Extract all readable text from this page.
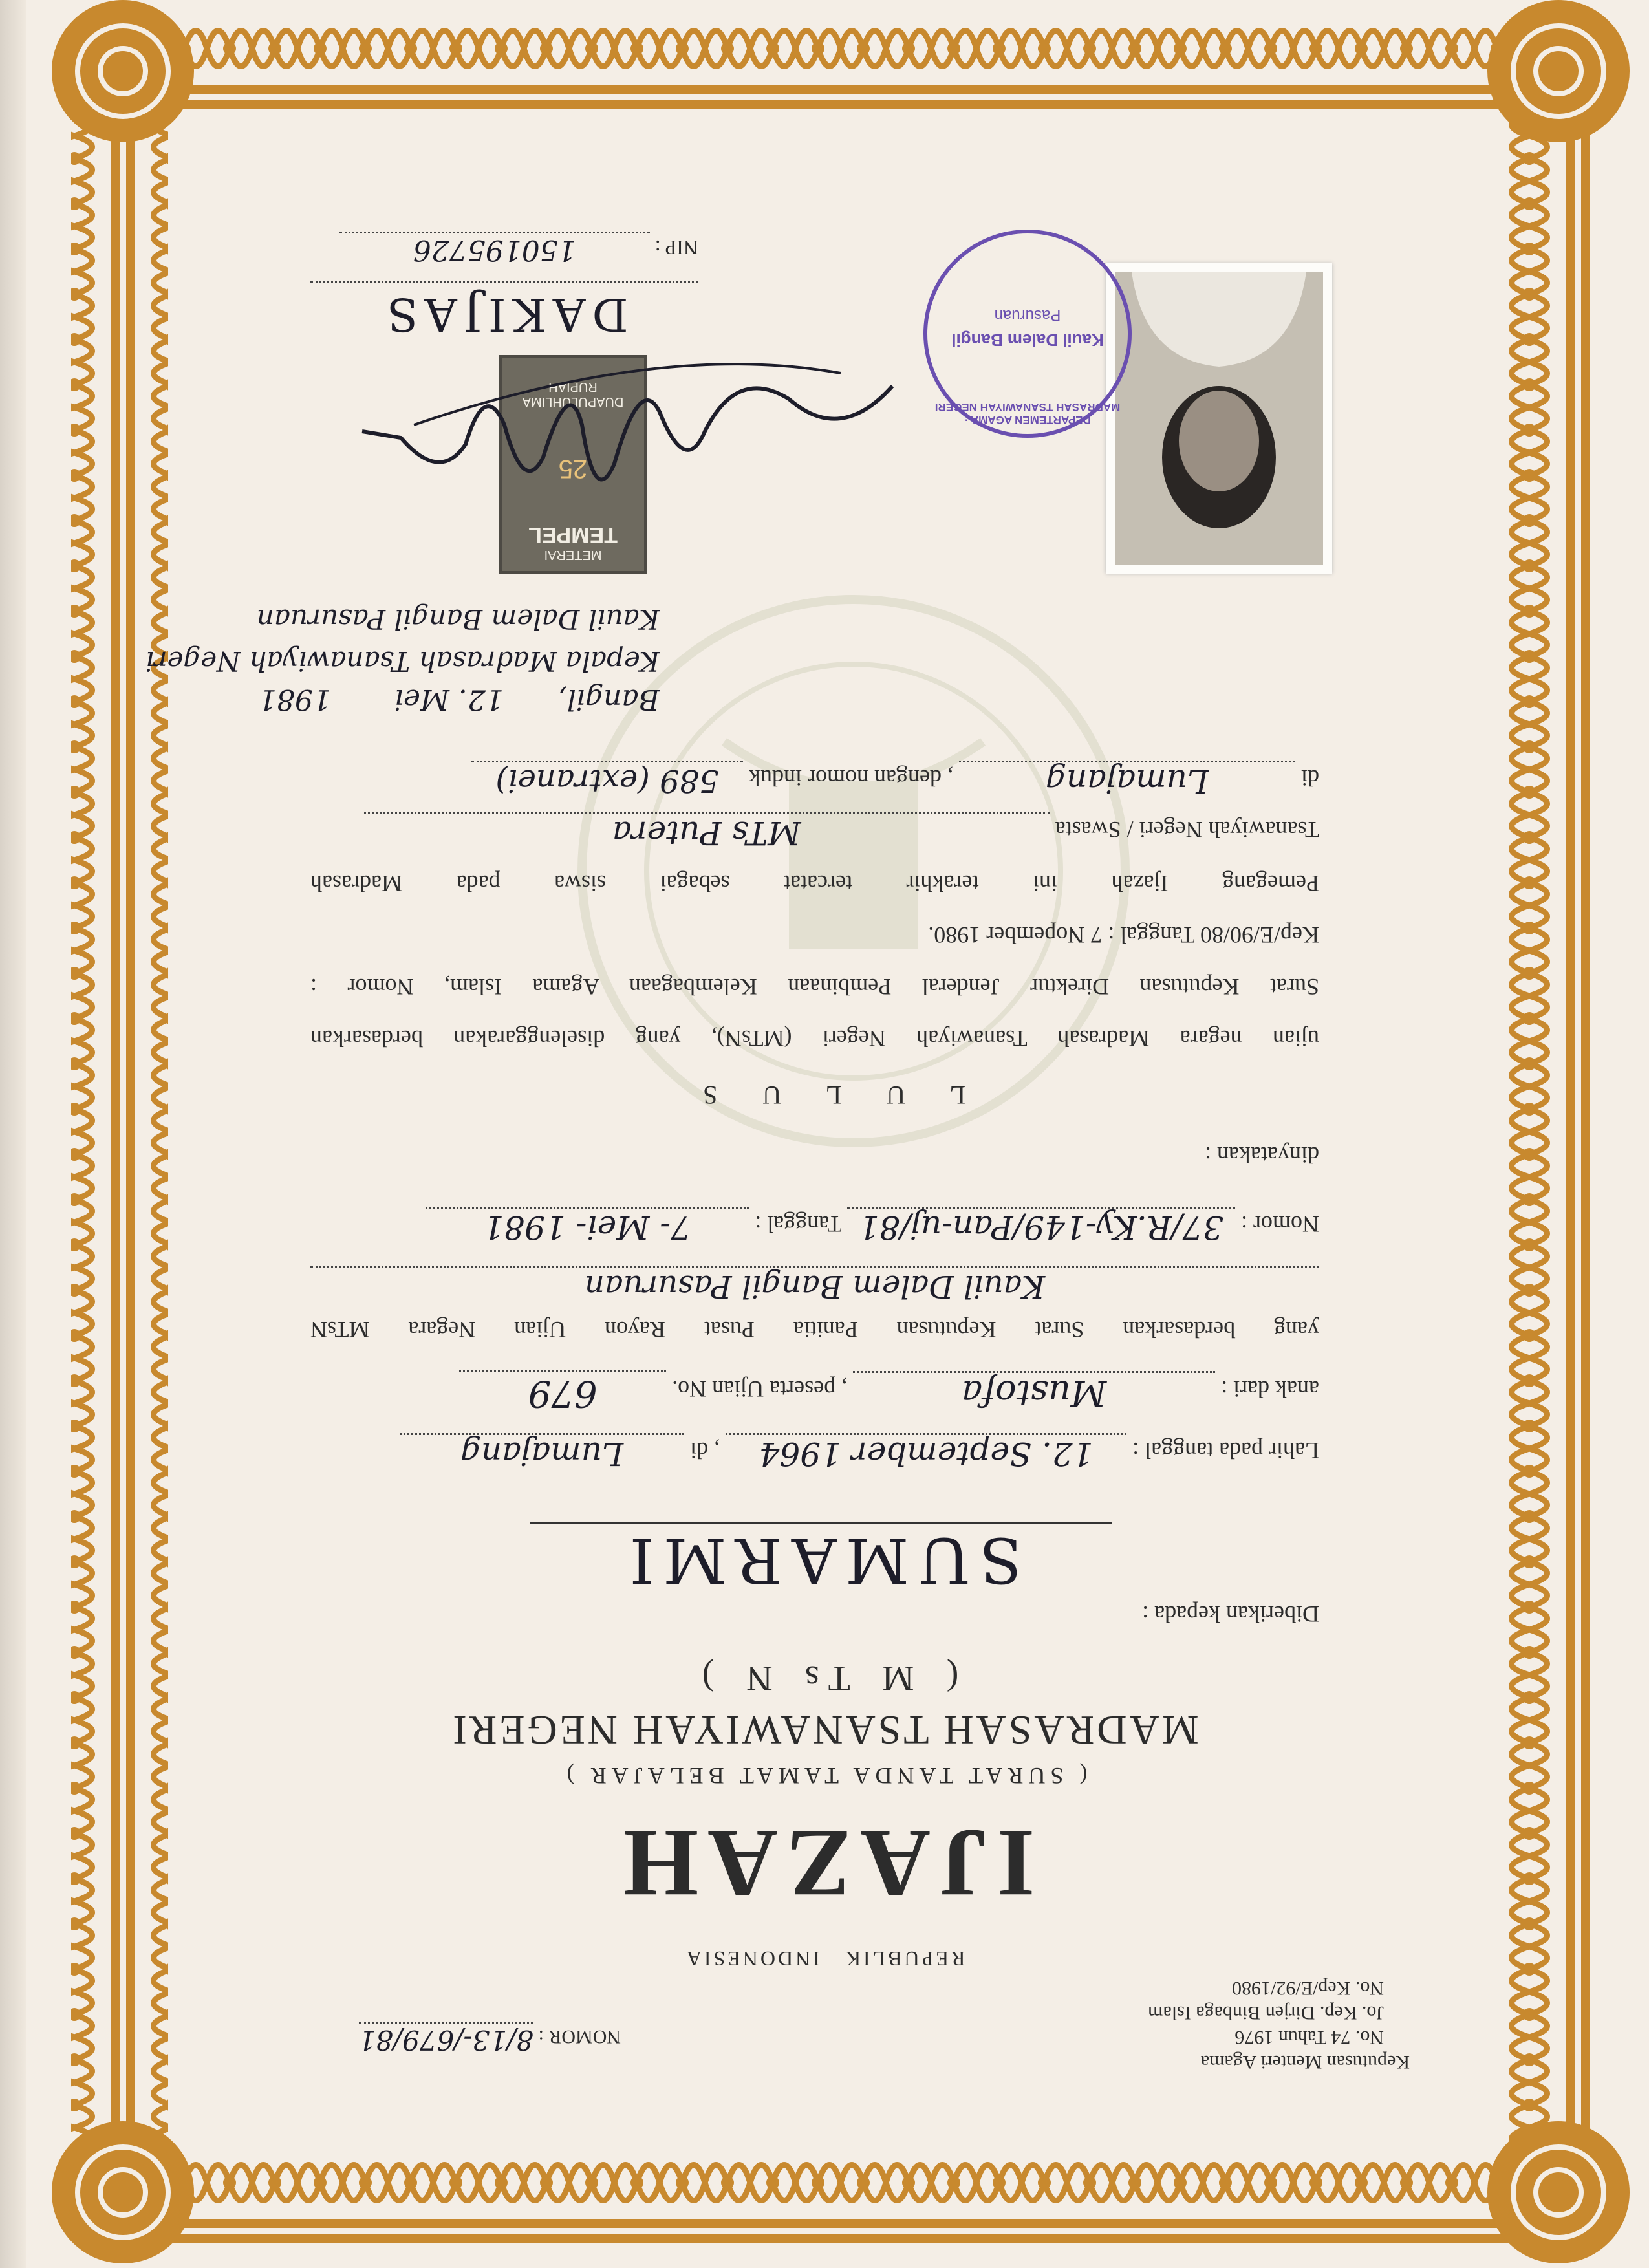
Keputusan Menteri Agama
No. 74 Tahun 1976
Jo. Kep. Dirjen Binbaga Islam
No. Kep/E/92/1980
NOMOR : 8/13-/679/81
REPUBLIK   INDONESIA
IJAZAH
( SURAT TANDA TAMAT BELAJAR )
MADRASAH TSANAWIYAH NEGERI
( M Ts N )
Diberikan kepada :
SUMARMI
Lahir pada tanggal : 12. September 1964 , di Lumajang
anak dari : Mustofa , peserta Ujian No. 679
yang berdasarkan Surat Keputusan Panitia Pusat Rayon Ujian Negara MTsN
Kauil Dalem Bangil Pasuruan
Nomor : 37/R.Ky-149/Pan-uj/81 Tanggal : 7- Mei- 1981
dinyatakan :
L U L U S
ujian negara Madrasah Tsanawiyah Negeri (MTsN), yang diselenggarakan berdasarkan
Surat Keputusan Direktur Jenderal Pembinaan Kelembagaan Agama Islam, Nomor :
Kep/E/90/80 Tanggal : 7 Nopember 1980.
Pemegang Ijazah ini terakhir tercatat sebagai siswa pada Madrasah
Tsanawiyah Negeri / Swasta MTs Putera
di Lumajang , dengan nomor induk 589 (extranei)
Bangil,      12. Mei       1981
Kepala Madrasah Tsanawiyah Negeri
Kauil Dalem Bangil Pasuruan
METERAI
TEMPEL
25
DUAPULUHLIMA
RUPIAH
DAKIJAS
NIP : 150195726
DEPARTEMEN AGAMA · MADRASAH TSANAWIYAH NEGERI
Kauil Dalem Bangil
Pasuruan
